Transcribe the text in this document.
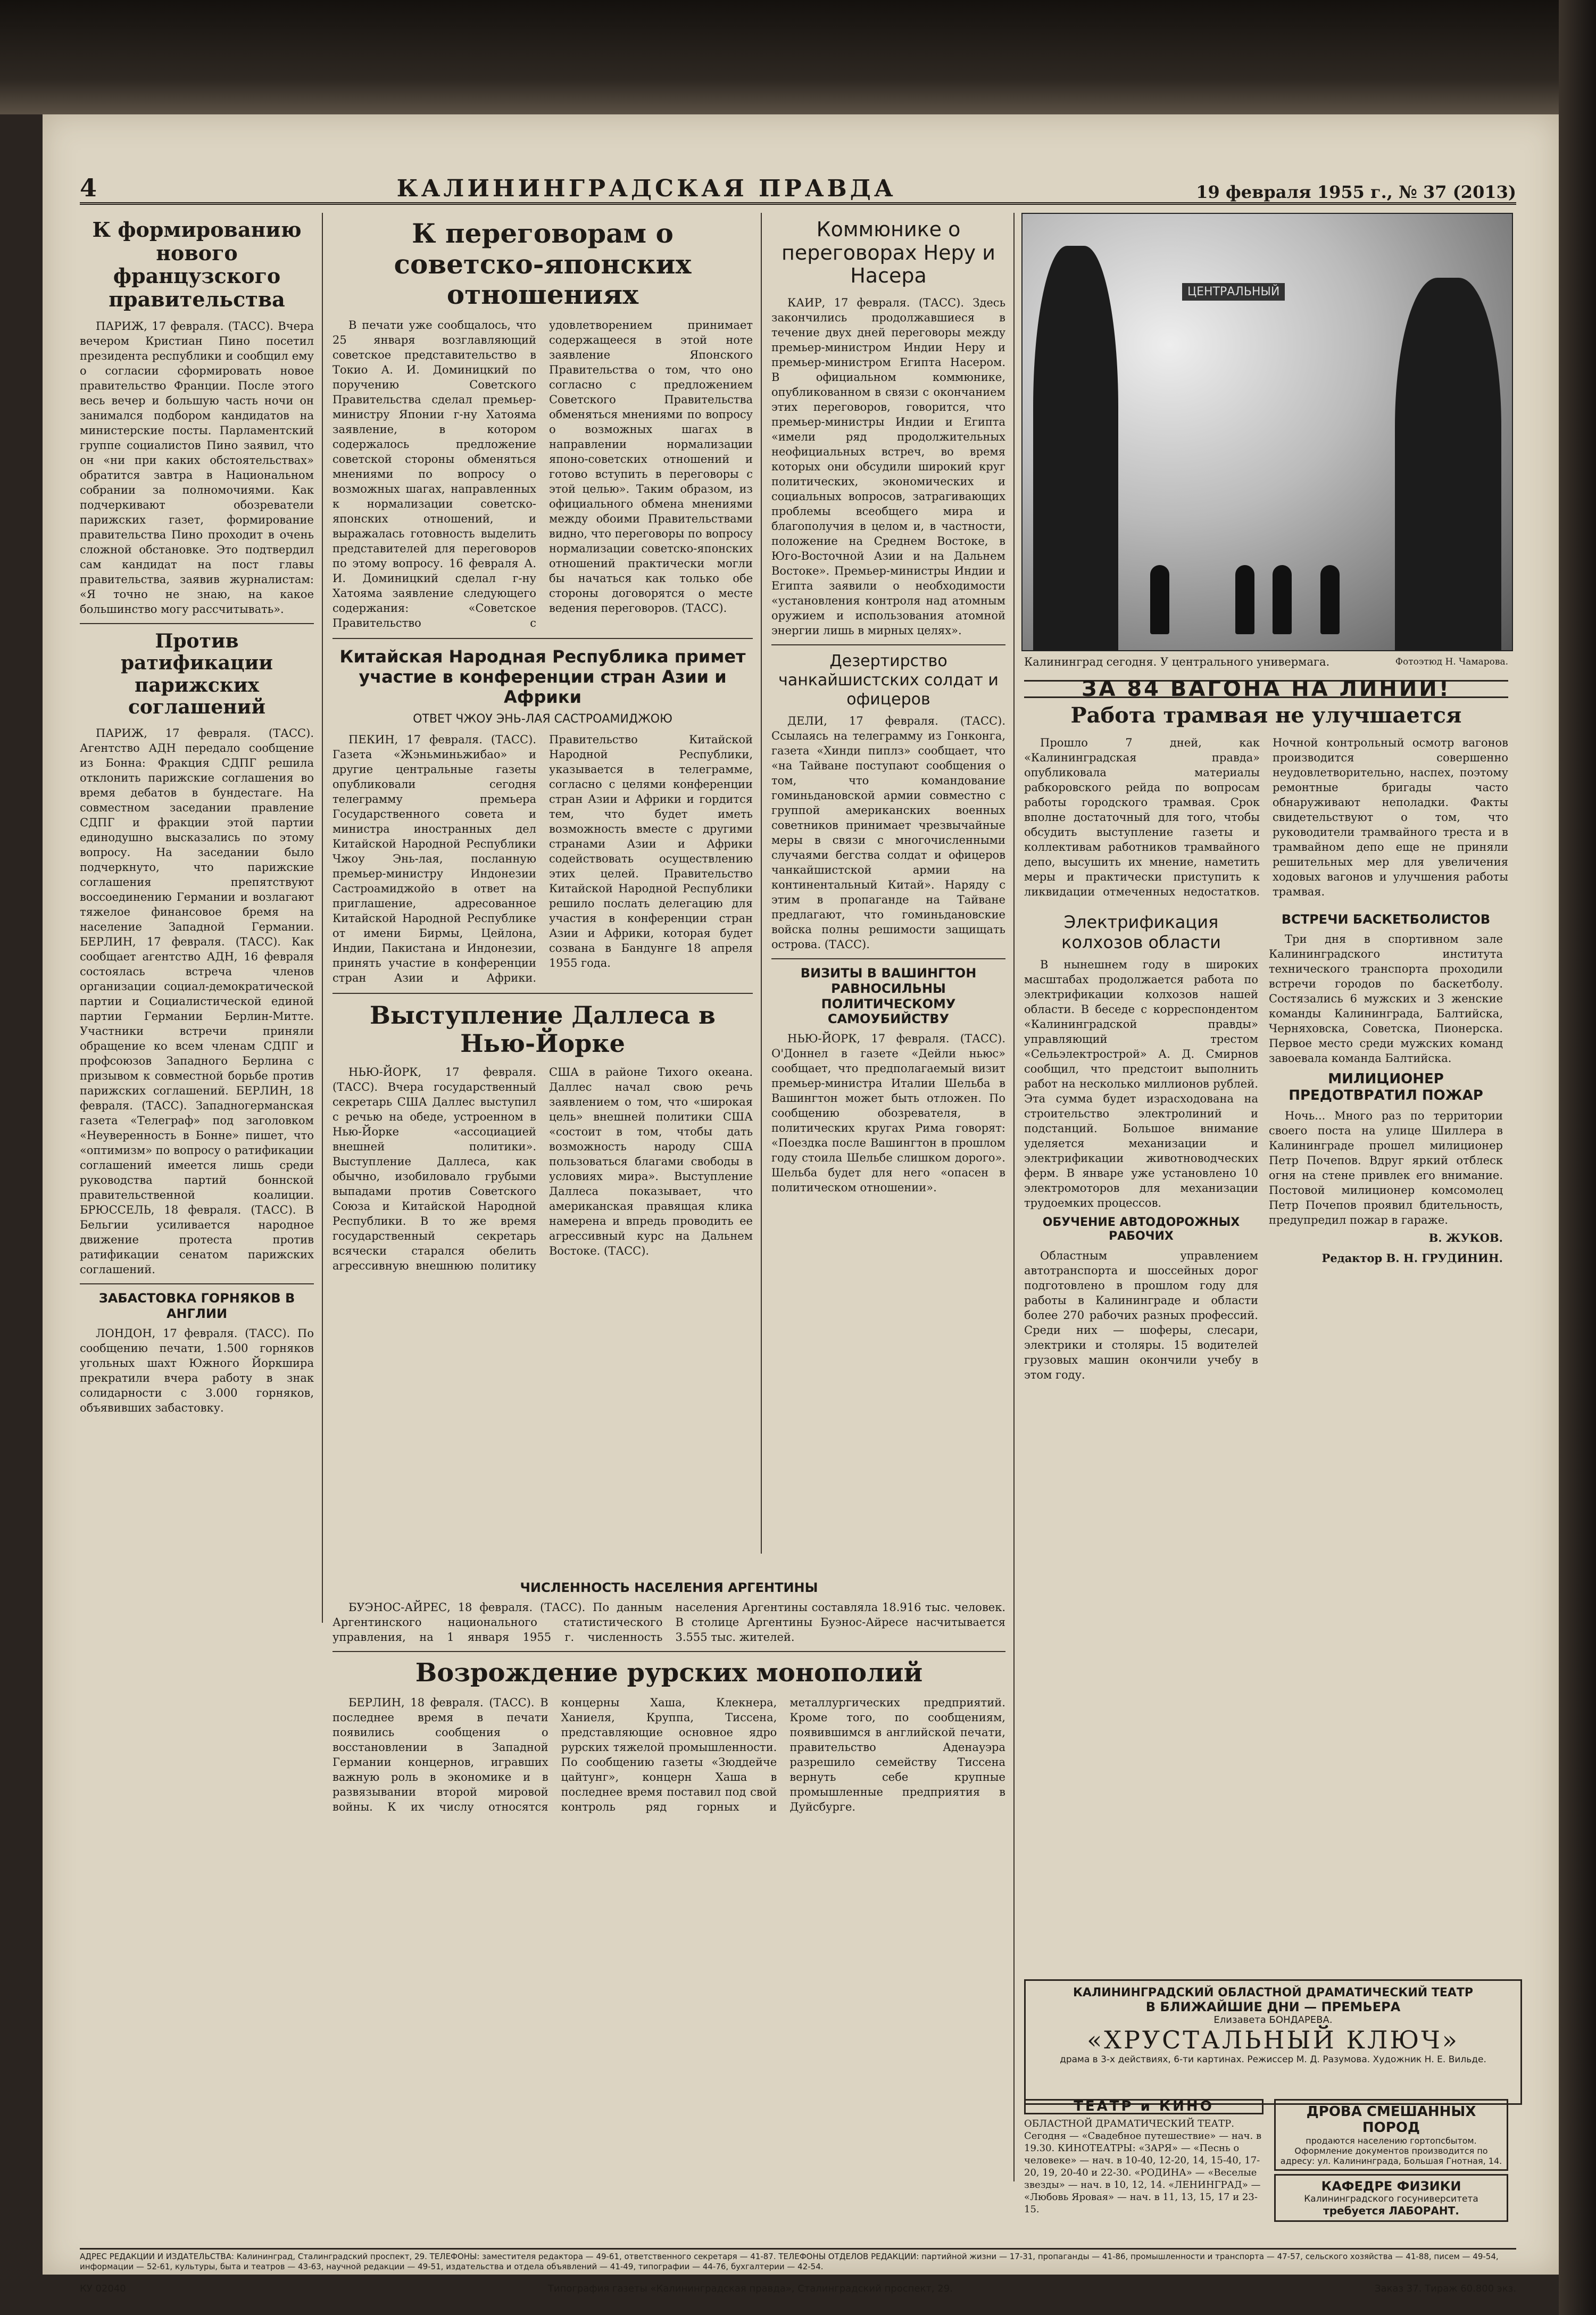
4	КАЛИНИНГРАДСКАЯ ПРАВДА	19 февраля 1955 г., № 37 (2013)
К формированию нового французского правительства

ПАРИЖ, 17 февраля. (ТАСС). Вчера вечером Кристиан Пино посетил президента республики и сообщил ему о согласии сформировать новое правительство Франции. После этого весь вечер и большую часть ночи он занимался подбором кандидатов на министерские посты. Парламентский группе социалистов Пино заявил, что он «ни при каких обстоятельствах» обратится завтра в Национальном собрании за полномочиями. Как подчеркивают обозреватели парижских газет, формирование правительства Пино проходит в очень сложной обстановке. Это подтвердил сам кандидат на пост главы правительства, заявив журналистам: «Я точно не знаю, на какое большинство могу рассчитывать».

Против ратификации парижских соглашений

ПАРИЖ, 17 февраля. (ТАСС). Агентство АДН передало сообщение из Бонна: Фракция СДПГ решила отклонить парижские соглашения во время дебатов в бундестаге. На совместном заседании правление СДПГ и фракции этой партии единодушно высказались по этому вопросу. На заседании было подчеркнуто, что парижские соглашения препятствуют воссоединению Германии и возлагают тяжелое финансовое бремя на население Западной Германии. БЕРЛИН, 17 февраля. (ТАСС). Как сообщает агентство АДН, 16 февраля состоялась встреча членов организации социал-демократической партии и Социалистической единой партии Германии Берлин-Митте. Участники встречи приняли обращение ко всем членам СДПГ и профсоюзов Западного Берлина с призывом к совместной борьбе против парижских соглашений. БЕРЛИН, 18 февраля. (ТАСС). Западногерманская газета «Телеграф» под заголовком «Неуверенность в Бонне» пишет, что «оптимизм» по вопросу о ратификации соглашений имеется лишь среди руководства партий боннской правительственной коалиции. БРЮССЕЛЬ, 18 февраля. (ТАСС). В Бельгии усиливается народное движение протеста против ратификации сенатом парижских соглашений.

ЗАБАСТОВКА ГОРНЯКОВ В АНГЛИИ

ЛОНДОН, 17 февраля. (ТАСС). По сообщению печати, 1.500 горняков угольных шахт Южного Йоркшира прекратили вчера работу в знак солидарности с 3.000 горняков, объявивших забастовку.

К переговорам о советско-японских отношениях

В печати уже сообщалось, что 25 января возглавляющий советское представительство в Токио А. И. Доминицкий по поручению Советского Правительства сделал премьер-министру Японии г-ну Хатояма заявление, в котором содержалось предложение советской стороны обменяться мнениями по вопросу о возможных шагах, направленных к нормализации советско-японских отношений, и выражалась готовность выделить представителей для переговоров по этому вопросу. 16 февраля А. И. Доминицкий сделал г-ну Хатояма заявление следующего содержания: «Советское Правительство с удовлетворением принимает содержащееся в этой ноте заявление Японского Правительства о том, что оно согласно с предложением Советского Правительства обменяться мнениями по вопросу о возможных шагах в направлении нормализации японо-советских отношений и готово вступить в переговоры с этой целью». Таким образом, из официального обмена мнениями между обоими Правительствами видно, что переговоры по вопросу нормализации советско-японских отношений практически могли бы начаться как только обе стороны договорятся о месте ведения переговоров. (ТАСС).

Китайская Народная Республика примет участие в конференции стран Азии и Африки
ОТВЕТ ЧЖОУ ЭНЬ-ЛАЯ САСТРОАМИДЖОЮ

ПЕКИН, 17 февраля. (ТАСС). Газета «Жэньминьжибао» и другие центральные газеты опубликовали сегодня телеграмму премьера Государственного совета и министра иностранных дел Китайской Народной Республики Чжоу Энь-лая, посланную премьер-министру Индонезии Састроамиджойо в ответ на приглашение, адресованное Китайской Народной Республике от имени Бирмы, Цейлона, Индии, Пакистана и Индонезии, принять участие в конференции стран Азии и Африки. Правительство Китайской Народной Республики, указывается в телеграмме, согласно с целями конференции стран Азии и Африки и гордится тем, что будет иметь возможность вместе с другими странами Азии и Африки содействовать осуществлению этих целей. Правительство Китайской Народной Республики решило послать делегацию для участия в конференции стран Азии и Африки, которая будет созвана в Бандунге 18 апреля 1955 года.

Выступление Даллеса в Нью-Йорке

НЬЮ-ЙОРК, 17 февраля. (ТАСС). Вчера государственный секретарь США Даллес выступил с речью на обеде, устроенном в Нью-Йорке «ассоциацией внешней политики». Выступление Даллеса, как обычно, изобиловало грубыми выпадами против Советского Союза и Китайской Народной Республики. В то же время государственный секретарь всячески старался обелить агрессивную внешнюю политику США в районе Тихого океана. Даллес начал свою речь заявлением о том, что «широкая цель» внешней политики США «состоит в том, чтобы дать возможность народу США пользоваться благами свободы в условиях мира». Выступление Даллеса показывает, что американская правящая клика намерена и впредь проводить ее агрессивный курс на Дальнем Востоке. (ТАСС).

Коммюнике о переговорах Неру и Насера

КАИР, 17 февраля. (ТАСС). Здесь закончились продолжавшиеся в течение двух дней переговоры между премьер-министром Индии Неру и премьер-министром Египта Насером. В официальном коммюнике, опубликованном в связи с окончанием этих переговоров, говорится, что премьер-министры Индии и Египта «имели ряд продолжительных неофициальных встреч, во время которых они обсудили широкий круг политических, экономических и социальных вопросов, затрагивающих проблемы всеобщего мира и благополучия в целом и, в частности, положение на Среднем Востоке, в Юго-Восточной Азии и на Дальнем Востоке». Премьер-министры Индии и Египта заявили о необходимости «установления контроля над атомным оружием и использования атомной энергии лишь в мирных целях».

Дезертирство чанкайшистских солдат и офицеров

ДЕЛИ, 17 февраля. (ТАСС). Ссылаясь на телеграмму из Гонконга, газета «Хинди пиплз» сообщает, что «на Тайване поступают сообщения о том, что командование гоминьдановской армии совместно с группой американских военных советников принимает чрезвычайные меры в связи с многочисленными случаями бегства солдат и офицеров чанкайшистской армии на континентальный Китай». Наряду с этим в пропаганде на Тайване предлагают, что гоминьдановские войска полны решимости защищать острова. (ТАСС).

ВИЗИТЫ В ВАШИНГТОН РАВНОСИЛЬНЫ ПОЛИТИЧЕСКОМУ САМОУБИЙСТВУ

НЬЮ-ЙОРК, 17 февраля. (ТАСС). О'Доннел в газете «Дейли ньюс» сообщает, что предполагаемый визит премьер-министра Италии Шельба в Вашингтон может быть отложен. По сообщению обозревателя, в политических кругах Рима говорят: «Поездка после Вашингтон в прошлом году стоила Шельбе слишком дорого». Шельба будет для него «опасен в политическом отношении».

ЦЕНТРАЛЬНЫЙ
Калининград сегодня. У центрального универмага.	Фотоэтюд Н. Чамарова.
ЗА 84 ВАГОНА НА ЛИНИИ!
Работа трамвая не улучшается

Прошло 7 дней, как «Калининградская правда» опубликовала материалы рабкоровского рейда по вопросам работы городского трамвая. Срок вполне достаточный для того, чтобы обсудить выступление газеты и коллективам работников трамвайного депо, высушить их мнение, наметить меры и практически приступить к ликвидации отмеченных недостатков. Ночной контрольный осмотр вагонов производится совершенно неудовлетворительно, наспех, поэтому ремонтные бригады часто обнаруживают неполадки. Факты свидетельствуют о том, что руководители трамвайного треста и в трамвайном депо еще не приняли решительных мер для увеличения ходовых вагонов и улучшения работы трамвая.

Электрификация колхозов области

В нынешнем году в широких масштабах продолжается работа по электрификации колхозов нашей области. В беседе с корреспондентом «Калининградской правды» управляющий трестом «Сельэлектрострой» А. Д. Смирнов сообщил, что предстоит выполнить работ на несколько миллионов рублей. Эта сумма будет израсходована на строительство электролиний и подстанций. Большое внимание уделяется механизации и электрификации животноводческих ферм. В январе уже установлено 10 электромоторов для механизации трудоемких процессов.

ОБУЧЕНИЕ АВТОДОРОЖНЫХ РАБОЧИХ

Областным управлением автотранспорта и шоссейных дорог подготовлено в прошлом году для работы в Калининграде и области более 270 рабочих разных профессий. Среди них — шоферы, слесари, электрики и столяры. 15 водителей грузовых машин окончили учебу в этом году.

ВСТРЕЧИ БАСКЕТБОЛИСТОВ

Три дня в спортивном зале Калининградского института технического транспорта проходили встречи городов по баскетболу. Состязались 6 мужских и 3 женские команды Калининграда, Балтийска, Черняховска, Советска, Пионерска. Первое место среди мужских команд завоевала команда Балтийска.

МИЛИЦИОНЕР ПРЕДОТВРАТИЛ ПОЖАР

Ночь... Много раз по территории своего поста на улице Шиллера в Калининграде прошел милиционер Петр Почепов. Вдруг яркий отблеск огня на стене привлек его внимание. Постовой милиционер комсомолец Петр Почепов проявил бдительность, предупредил пожар в гараже.

В. ЖУКОВ.
Редактор В. Н. ГРУДИНИН.
ЧИСЛЕННОСТЬ НАСЕЛЕНИЯ АРГЕНТИНЫ

БУЭНОС-АЙРЕС, 18 февраля. (ТАСС). По данным Аргентинского национального статистического управления, на 1 января 1955 г. численность населения Аргентины составляла 18.916 тыс. человек. В столице Аргентины Буэнос-Айресе насчитывается 3.555 тыс. жителей.

Возрождение рурских монополий

БЕРЛИН, 18 февраля. (ТАСС). В последнее время в печати появились сообщения о восстановлении в Западной Германии концернов, игравших важную роль в экономике и в развязывании второй мировой войны. К их числу относятся концерны Хаша, Клекнера, Ханиеля, Круппа, Тиссена, представляющие основное ядро рурских тяжелой промышленности. По сообщению газеты «Зюддейче цайтунг», концерн Хаша в последнее время поставил под свой контроль ряд горных и металлургических предприятий. Кроме того, по сообщениям, появившимся в английской печати, правительство Аденауэра разрешило семейству Тиссена вернуть себе крупные промышленные предприятия в Дуйсбурге.

КАЛИНИНГРАДСКИЙ ОБЛАСТНОЙ ДРАМАТИЧЕСКИЙ ТЕАТР
В БЛИЖАЙШИЕ ДНИ — ПРЕМЬЕРА
Елизавета БОНДАРЕВА.
«ХРУСТАЛЬНЫЙ КЛЮЧ»
драма в 3-х действиях, 6-ти картинах. Режиссер М. Д. Разумова. Художник Н. Е. Вильде.
ТЕАТР и КИНО
ОБЛАСТНОЙ ДРАМАТИЧЕСКИЙ ТЕАТР. Сегодня — «Свадебное путешествие» — нач. в 19.30. КИНОТЕАТРЫ: «ЗАРЯ» — «Песнь о человеке» — нач. в 10-40, 12-20, 14, 15-40, 17-20, 19, 20-40 и 22-30. «РОДИНА» — «Веселые звезды» — нач. в 10, 12, 14. «ЛЕНИНГРАД» — «Любовь Яровая» — нач. в 11, 13, 15, 17 и 23-15.
ДРОВА СМЕШАННЫХ ПОРОД
продаются населению гортопсбытом. Оформление документов производится по адресу: ул. Калининграда, Большая Гнотная, 14.
КАФЕДРЕ ФИЗИКИ
Калининградского госуниверситета
требуется ЛАБОРАНТ.
АДРЕС РЕДАКЦИИ И ИЗДАТЕЛЬСТВА: Калининград, Сталинградский проспект, 29. ТЕЛЕФОНЫ: заместителя редактора — 49-61, ответственного секретаря — 41-87. ТЕЛЕФОНЫ ОТДЕЛОВ РЕДАКЦИИ: партийной жизни — 17-31, пропаганды — 41-86, промышленности и транспорта — 47-57, сельского хозяйства — 41-88, писем — 49-54, информации — 52-61, культуры, быта и театров — 43-63, научной редакции — 49-51, издательства и отдела объявлений — 41-49, типографии — 44-76, бухгалтерии — 42-54.
КУ 02040	Типография газеты «Калининградская правда», Сталинградский проспект, 29.	Заказ 37. Тираж 60.800 экз.
